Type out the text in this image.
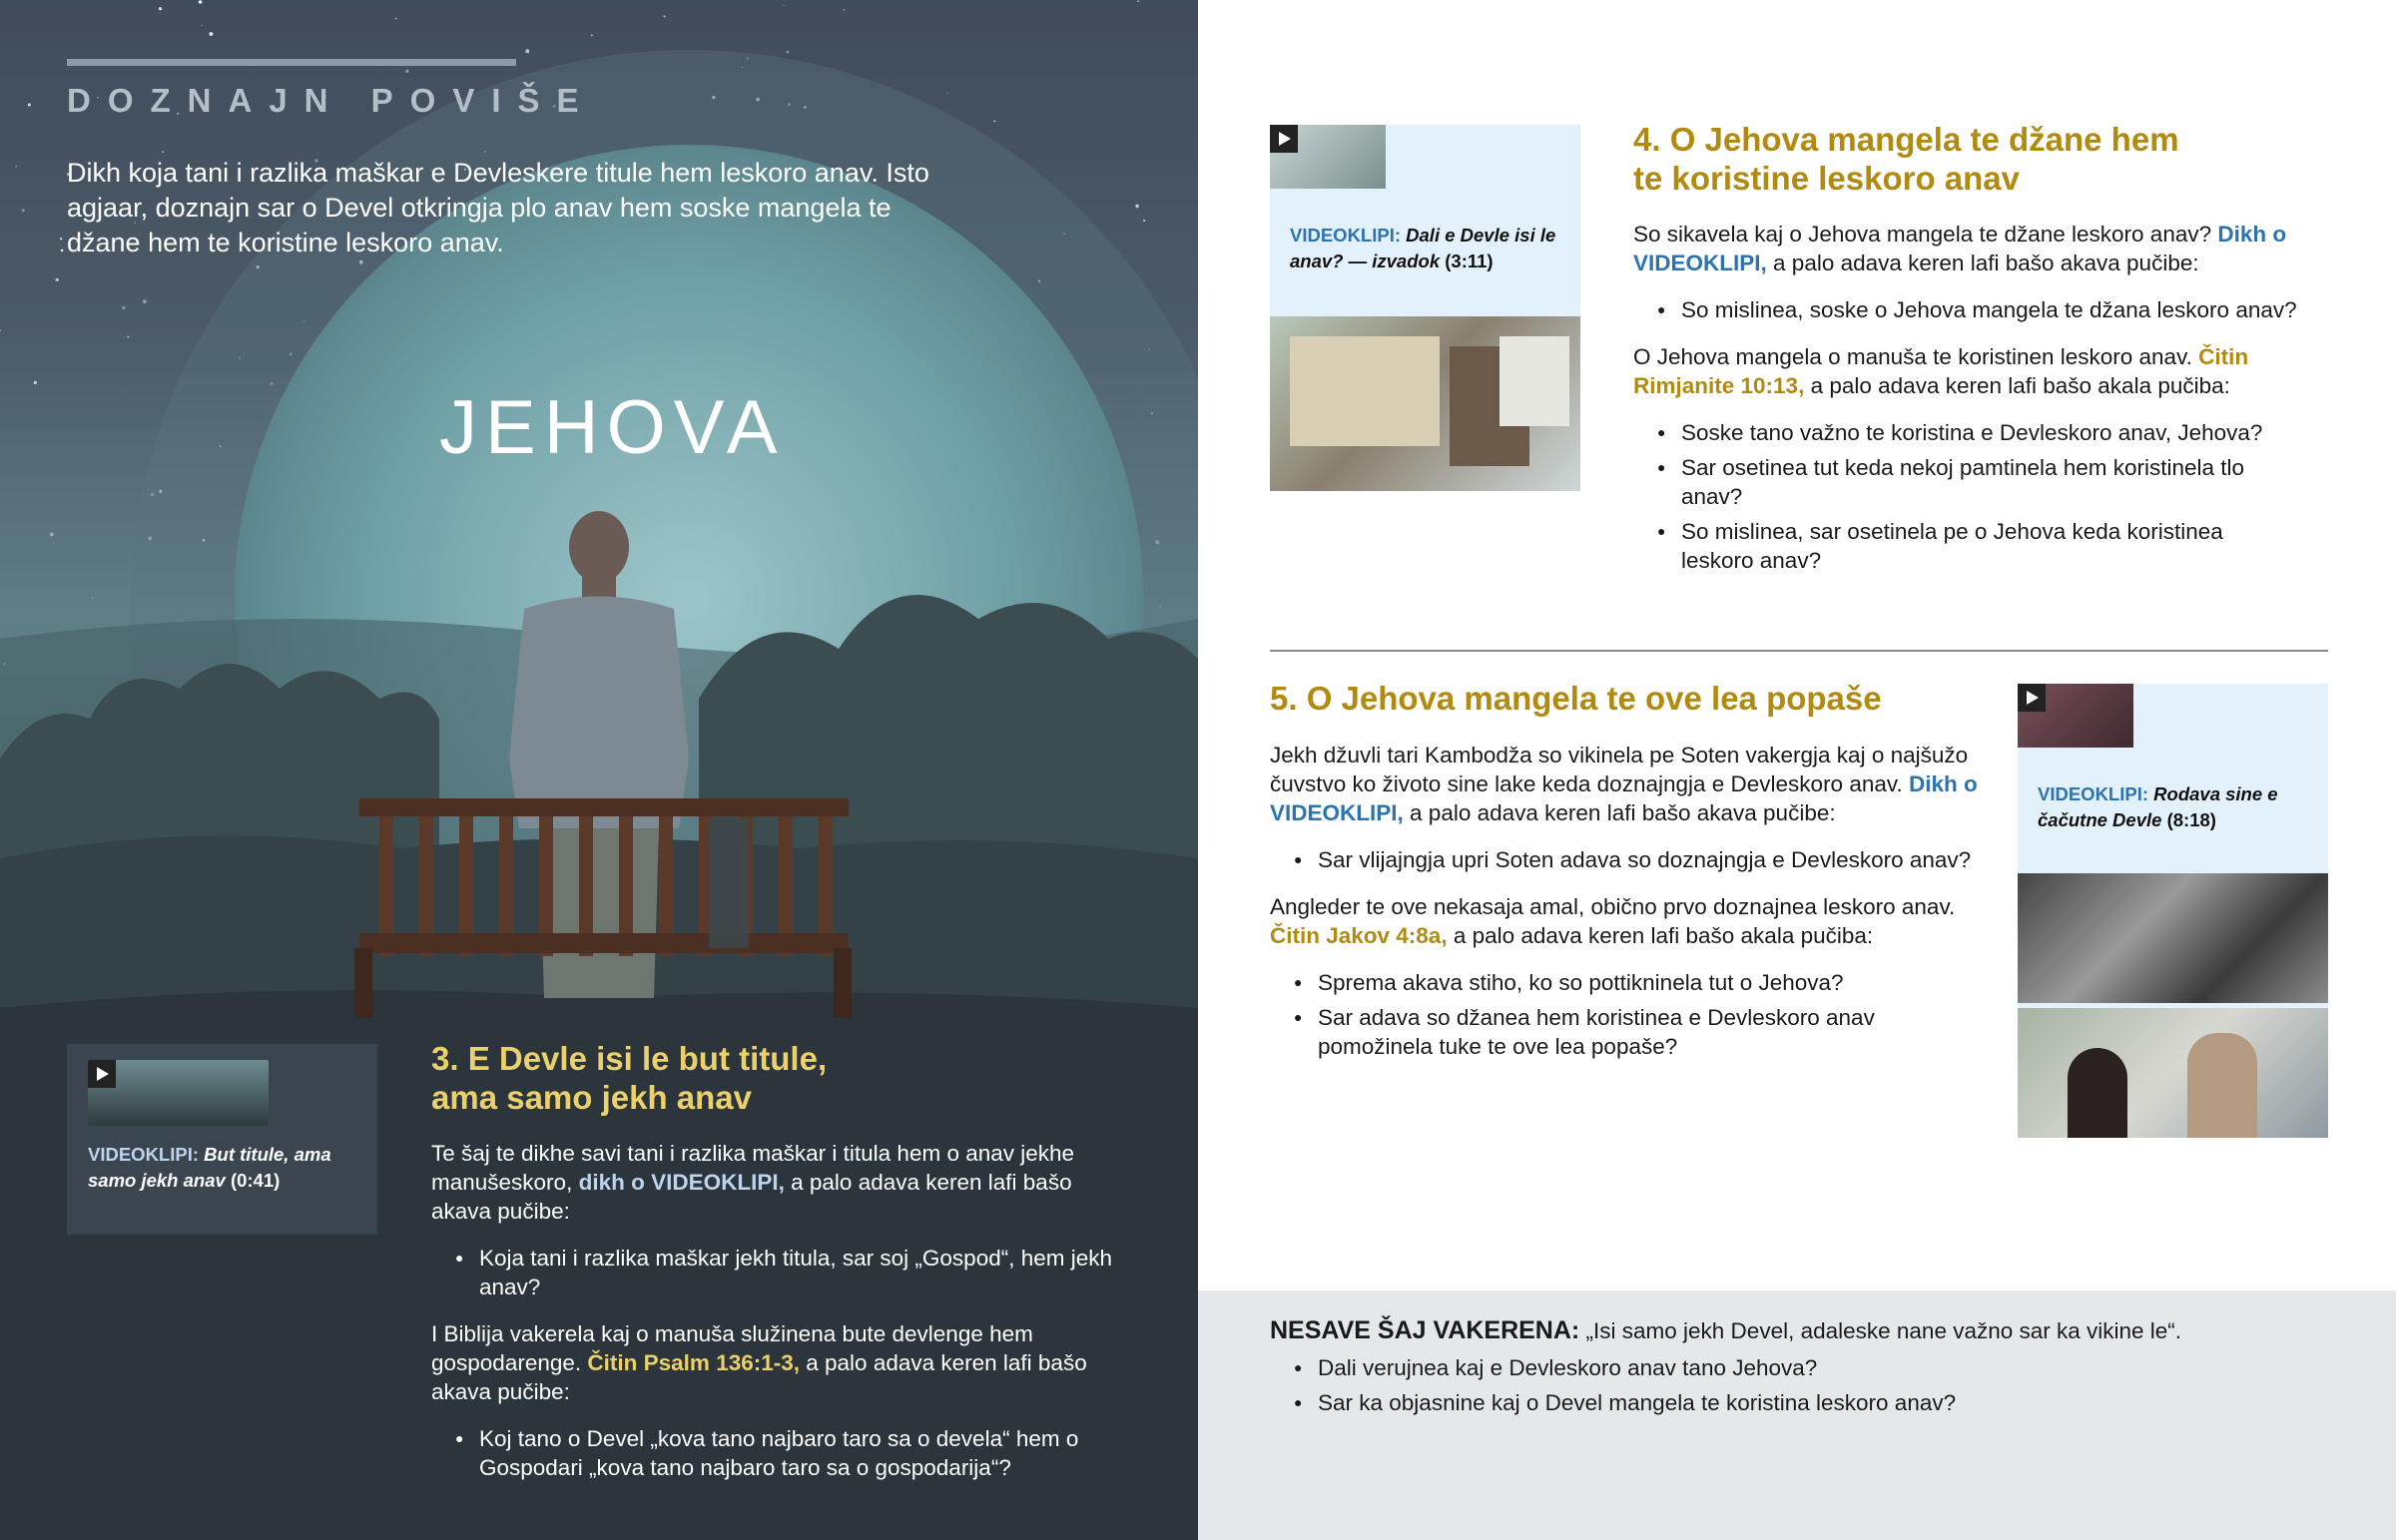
DOZNAJN POVIŠE
Dikh koja tani i razlika maškar e Devleskere titule hem leskoro anav. Isto agjaar, doznajn sar o Devel otkringja plo anav hem soske mangela te džane hem te koristine leskoro anav.
JEHOVA
VIDEOKLIPI: But titule, ama samo jekh anav (0:41)
3. E Devle isi le but titule, ama samo jekh anav

Te šaj te dikhe savi tani i razlika maškar i titula hem o anav jekhe manušeskoro, dikh o VIDEOKLIPI, a palo adava keren lafi bašo akava pučibe:

● Koja tani i razlika maškar jekh titula, sar soj „Gospod“, hem jekh anav?

I Biblija vakerela kaj o manuša služinena bute devlenge hem gospodarenge. Čitin Psalm 136:1-3, a palo adava keren lafi bašo akava pučibe:

● Koj tano o Devel „kova tano najbaro taro sa o devela“ hem o Gospodari „kova tano najbaro taro sa o gospodarija“?
VIDEOKLIPI: Dali e Devle isi le anav? — izvadok (3:11)
4. O Jehova mangela te džane hem te koristine leskoro anav

So sikavela kaj o Jehova mangela te džane leskoro anav? Dikh o VIDEOKLIPI, a palo adava keren lafi bašo akava pučibe:

● So mislinea, soske o Jehova mangela te džana leskoro anav?

O Jehova mangela o manuša te koristinen leskoro anav. Čitin Rimjanite 10:13, a palo adava keren lafi bašo akala pučiba:

● Soske tano važno te koristina e Devleskoro anav, Jehova?
● Sar osetinea tut keda nekoj pamtinela hem koristinela tlo anav?
● So mislinea, sar osetinela pe o Jehova keda koristinea leskoro anav?
5. O Jehova mangela te ove lea popaše

Jekh džuvli tari Kambodža so vikinela pe Soten vakergja kaj o najšužo čuvstvo ko životo sine lake keda doznajngja e Devleskoro anav. Dikh o VIDEOKLIPI, a palo adava keren lafi bašo akava pučibe:

● Sar vlijajngja upri Soten adava so doznajngja e Devleskoro anav?

Angleder te ove nekasaja amal, obično prvo doznajnea leskoro anav. Čitin Jakov 4:8a, a palo adava keren lafi bašo akala pučiba:

● Sprema akava stiho, ko so pottikninela tut o Jehova?
● Sar adava so džanea hem koristinea e Devleskoro anav pomožinela tuke te ove lea popaše?
VIDEOKLIPI: Rodava sine e čačutne Devle (8:18)

NESAVE ŠAJ VAKERENA: „Isi samo jekh Devel, adaleske nane važno sar ka vikine le“.

● Dali verujnea kaj e Devleskoro anav tano Jehova?
● Sar ka objasnine kaj o Devel mangela te koristina leskoro anav?
